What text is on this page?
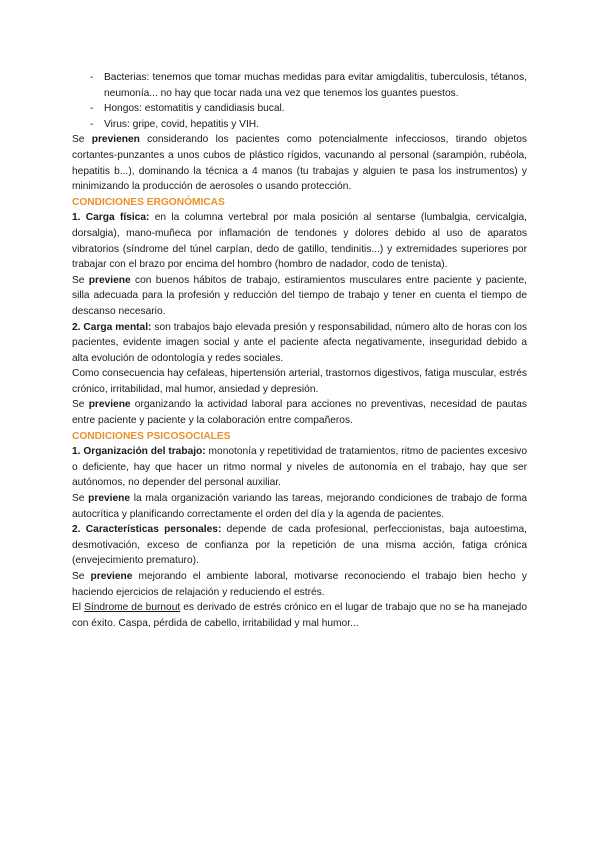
- Bacterias: tenemos que tomar muchas medidas para evitar amigdalitis, tuberculosis, tétanos, neumonía... no hay que tocar nada una vez que tenemos los guantes puestos.
- Hongos: estomatitis y candidiasis bucal.
- Virus: gripe, covid, hepatitis y VIH.

Se previenen considerando los pacientes como potencialmente infecciosos, tirando objetos cortantes-punzantes a unos cubos de plástico rígidos, vacunando al personal (sarampión, rubéola, hepatitis b...), dominando la técnica a 4 manos (tu trabajas y alguien te pasa los instrumentos) y minimizando la producción de aerosoles o usando protección.

CONDICIONES ERGONÓMICAS

1. Carga física: en la columna vertebral por mala posición al sentarse (lumbalgia, cervicalgia, dorsalgia), mano-muñeca por inflamación de tendones y dolores debido al uso de aparatos vibratorios (síndrome del túnel carpían, dedo de gatillo, tendinitis...) y extremidades superiores por trabajar con el brazo por encima del hombro (hombro de nadador, codo de tenista).

Se previene con buenos hábitos de trabajo, estiramientos musculares entre paciente y paciente, silla adecuada para la profesión y reducción del tiempo de trabajo y tener en cuenta el tiempo de descanso necesario.

2. Carga mental: son trabajos bajo elevada presión y responsabilidad, número alto de horas con los pacientes, evidente imagen social y ante el paciente afecta negativamente, inseguridad debido a alta evolución de odontología y redes sociales.

Como consecuencia hay cefaleas, hipertensión arterial, trastornos digestivos, fatiga muscular, estrés crónico, irritabilidad, mal humor, ansiedad y depresión.

Se previene organizando la actividad laboral para acciones no preventivas, necesidad de pautas entre paciente y paciente y la colaboración entre compañeros.

CONDICIONES PSICOSOCIALES

1. Organización del trabajo: monotonía y repetitividad de tratamientos, ritmo de pacientes excesivo o deficiente, hay que hacer un ritmo normal y niveles de autonomía en el trabajo, hay que ser autónomos, no depender del personal auxiliar.

Se previene la mala organización variando las tareas, mejorando condiciones de trabajo de forma autocrítica y planificando correctamente el orden del día y la agenda de pacientes.

2. Características personales: depende de cada profesional, perfeccionistas, baja autoestima, desmotivación, exceso de confianza por la repetición de una misma acción, fatiga crónica (envejecimiento prematuro).

Se previene mejorando el ambiente laboral, motivarse reconociendo el trabajo bien hecho y haciendo ejercicios de relajación y reduciendo el estrés.

El Síndrome de burnout es derivado de estrés crónico en el lugar de trabajo que no se ha manejado con éxito. Caspa, pérdida de cabello, irritabilidad y mal humor...
